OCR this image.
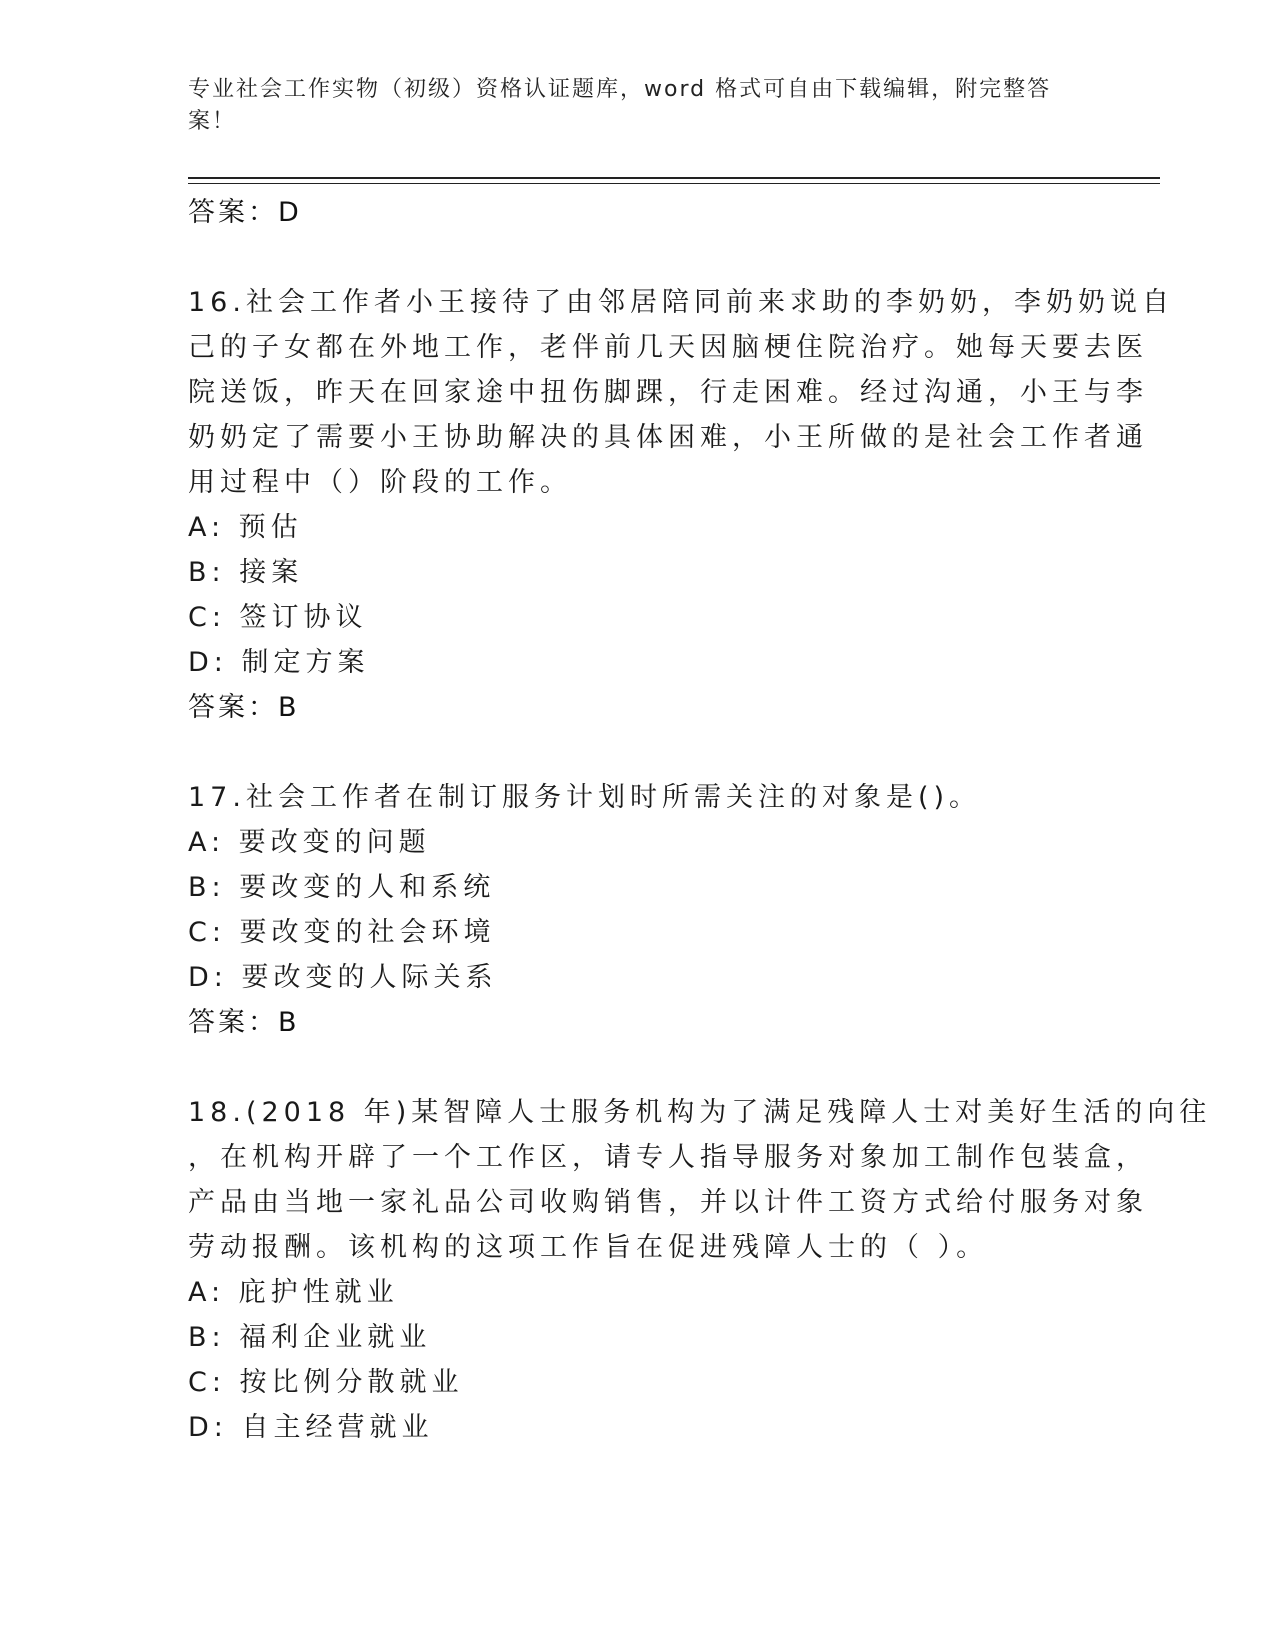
专业社会工作实物（初级）资格认证题库，word 格式可自由下载编辑，附完整答
案！
答案：D
16.社会工作者小王接待了由邻居陪同前来求助的李奶奶，李奶奶说自
己的子女都在外地工作，老伴前几天因脑梗住院治疗。她每天要去医
院送饭，昨天在回家途中扭伤脚踝，行走困难。经过沟通，小王与李
奶奶定了需要小王协助解决的具体困难，小王所做的是社会工作者通
用过程中（）阶段的工作。
A: 预估
B: 接案
C: 签订协议
D: 制定方案
答案：B
17.社会工作者在制订服务计划时所需关注的对象是()。
A: 要改变的问题
B: 要改变的人和系统
C: 要改变的社会环境
D: 要改变的人际关系
答案：B
18.(2018 年)某智障人士服务机构为了满足残障人士对美好生活的向往
，在机构开辟了一个工作区，请专人指导服务对象加工制作包装盒，
产品由当地一家礼品公司收购销售，并以计件工资方式给付服务对象
劳动报酬。该机构的这项工作旨在促进残障人士的（ ）。
A: 庇护性就业
B: 福利企业就业
C: 按比例分散就业
D: 自主经营就业
